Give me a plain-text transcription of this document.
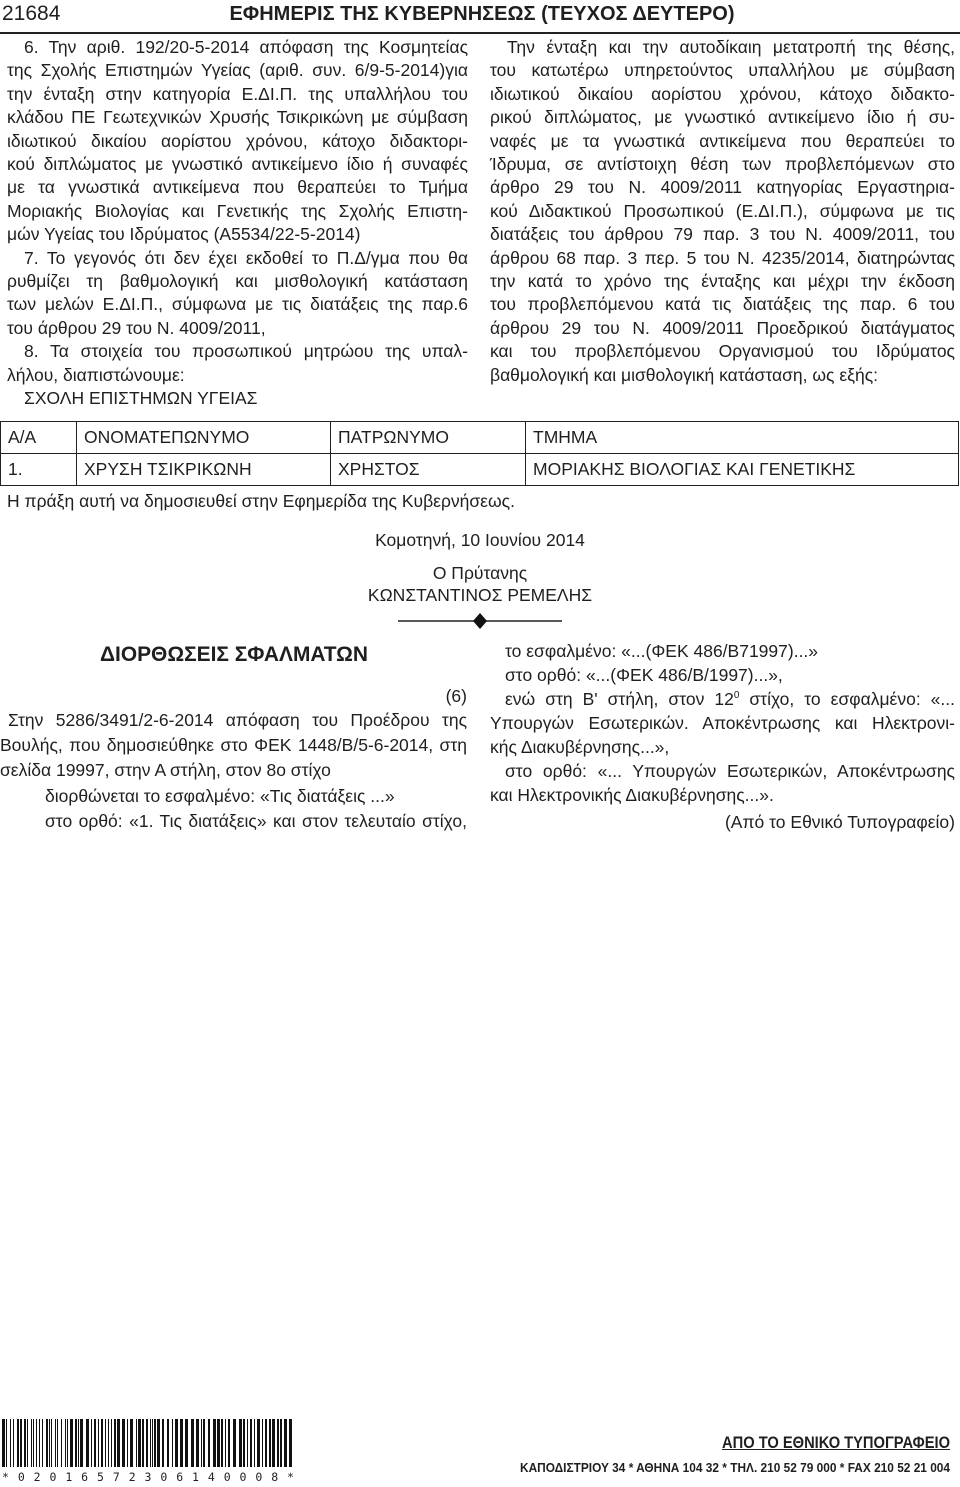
21684	ΕΦΗΜΕΡΙΣ ΤΗΣ ΚΥΒΕΡΝΗΣΕΩΣ (ΤΕΥΧΟΣ ΔΕΥΤΕΡΟ)
6. Την αριθ. 192/20-5-2014 απόφαση της Κοσμητείας
της Σχολής Επιστημών Υγείας (αριθ. συν. 6/9-5-2014)για
την ένταξη στην κατηγορία Ε.ΔΙ.Π. της υπαλλήλου του
κλάδου ΠΕ Γεωτεχνικών Χρυσής Τσικρικώνη με σύμβαση
ιδιωτικού δικαίου αορίστου χρόνου, κάτοχο διδακτορι-
κού διπλώματος με γνωστικό αντικείμενο ίδιο ή συναφές
με τα γνωστικά αντικείμενα που θεραπεύει το Τμήμα
Μοριακής Βιολογίας και Γενετικής της Σχολής Επιστη-
μών Υγείας του Ιδρύματος (Α5534/22-5-2014)
7. Το γεγονός ότι δεν έχει εκδοθεί το Π.Δ/γμα που θα
ρυθμίζει τη βαθμολογική και μισθολογική κατάσταση
των μελών Ε.ΔΙ.Π., σύμφωνα με τις διατάξεις της παρ.6
του άρθρου 29 του Ν. 4009/2011,
8. Τα στοιχεία του προσωπικού μητρώου της υπαλ-
λήλου, διαπιστώνουμε:
ΣΧΟΛΗ ΕΠΙΣΤΗΜΩΝ ΥΓΕΙΑΣ
Την ένταξη και την αυτοδίκαιη μετατροπή της θέσης,
του κατωτέρω υπηρετούντος υπαλλήλου με σύμβαση
ιδιωτικού δικαίου αορίστου χρόνου, κάτοχο διδακτο-
ρικού διπλώματος, με γνωστικό αντικείμενο ίδιο ή συ-
ναφές με τα γνωστικά αντικείμενα που θεραπεύει το
Ίδρυμα, σε αντίστοιχη θέση των προβλεπόμενων στο
άρθρο 29 του Ν. 4009/2011 κατηγορίας Εργαστηρια-
κού Διδακτικού Προσωπικού (Ε.ΔΙ.Π.), σύμφωνα με τις
διατάξεις του άρθρου 79 παρ. 3 του Ν. 4009/2011, του
άρθρου 68 παρ. 3 περ. 5 του Ν. 4235/2014, διατηρώντας
την κατά το χρόνο της ένταξης και μέχρι την έκδοση
του προβλεπόμενου κατά τις διατάξεις της παρ. 6 του
άρθρου 29 του Ν. 4009/2011 Προεδρικού διατάγματος
και του προβλεπόμενου Οργανισμού του Ιδρύματος
βαθμολογική και μισθολογική κατάσταση, ως εξής:
Α/Α	ΟΝΟΜΑΤΕΠΩΝΥΜΟ	ΠΑΤΡΩΝΥΜΟ	ΤΜΗΜΑ
1.	ΧΡΥΣΗ ΤΣΙΚΡΙΚΩΝΗ	ΧΡΗΣΤΟΣ	ΜΟΡΙΑΚΗΣ ΒΙΟΛΟΓΙΑΣ ΚΑΙ ΓΕΝΕΤΙΚΗΣ
Η πράξη αυτή να δημοσιευθεί στην Εφημερίδα της Κυβερνήσεως.
Κομοτηνή, 10 Ιουνίου 2014
Ο Πρύτανης
ΚΩΝΣΤΑΝΤΙΝΟΣ ΡΕΜΕΛΗΣ
ΔΙΟΡΘΩΣΕΙΣ ΣΦΑΛΜΑΤΩΝ
(6)
Στην 5286/3491/2-6-2014 απόφαση του Προέδρου της
Βουλής, που δημοσιεύθηκε στο ΦΕΚ 1448/Β/5-6-2014, στη
σελίδα 19997, στην Α στήλη, στον 8ο στίχο
διορθώνεται το εσφαλμένο: «Τις διατάξεις ...»
στο ορθό: «1. Τις διατάξεις» και στον τελευταίο στίχο,
το εσφαλμένο: «...(ΦΕΚ 486/Β71997)...»
στο ορθό: «...(ΦΕΚ 486/Β/1997)...»,
ενώ στη Β' στήλη, στον $12^0$ στίχο, το εσφαλμένο: «...
Υπουργών Εσωτερικών. Αποκέντρωσης και Ηλεκτρονι-
κής Διακυβέρνησης...»,
στο ορθό: «... Υπουργών Εσωτερικών, Αποκέντρωσης
και Ηλεκτρονικής Διακυβέρνησης...».
(Από το Εθνικό Τυπογραφείο)
* 0 2 0 1 6 5 7 2 3 0 6 1 4 0 0 0 8 *
ΑΠΟ ΤΟ ΕΘΝΙΚΟ ΤΥΠΟΓΡΑΦΕΙΟ
ΚΑΠΟΔΙΣΤΡΙΟΥ 34 * ΑΘΗΝΑ 104 32 * ΤΗΛ. 210 52 79 000 * FAX 210 52 21 004
